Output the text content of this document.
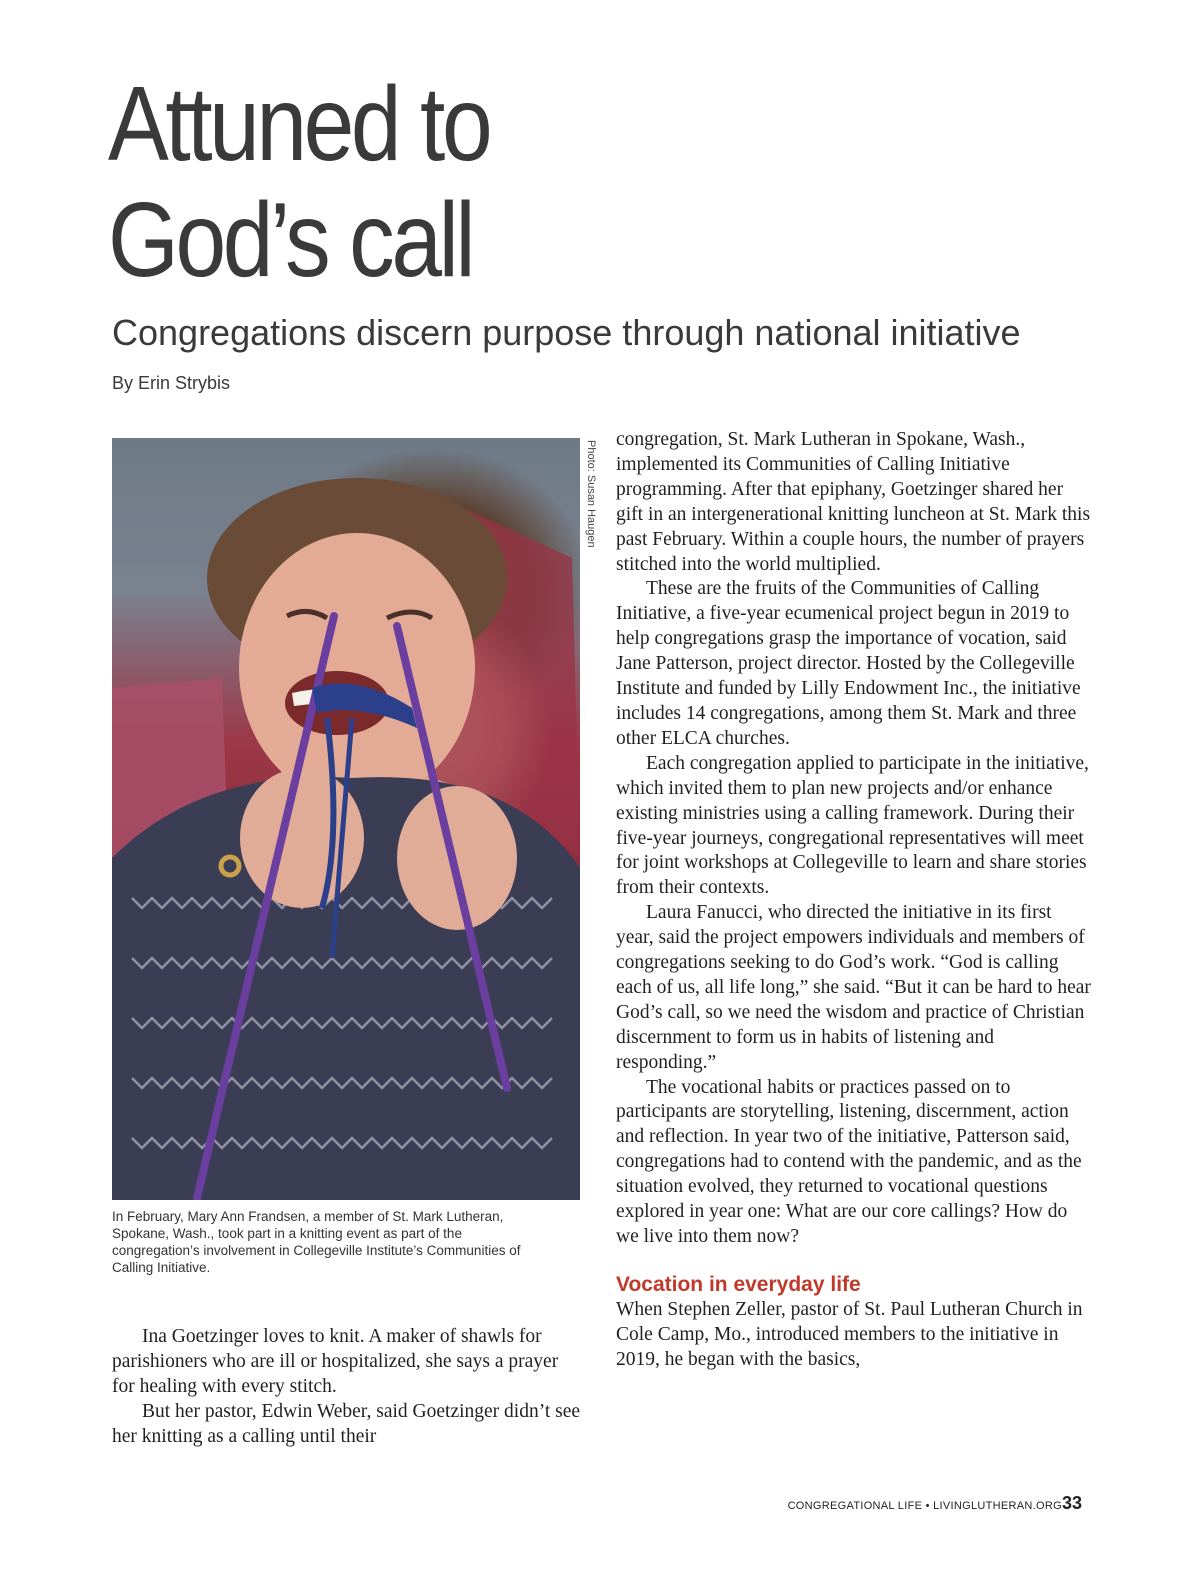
Attuned to
God’s call
Congregations discern purpose through national initiative
By Erin Strybis
Photo: Susan Haugen

In February, Mary Ann Frandsen, a member of St. Mark Lutheran, Spokane, Wash., took part in a knitting event as part of the congregation’s involvement in Collegeville Institute’s Communities of Calling Initiative.

Ina Goetzinger loves to knit. A maker of shawls for parishioners who are ill or hospitalized, she says a prayer for healing with every stitch.

But her pastor, Edwin Weber, said Goetzinger didn’t see her knitting as a calling until their

congregation, St. Mark Lutheran in Spokane, Wash., implemented its Communities of Calling Initiative programming. After that epiphany, Goetzinger shared her gift in an intergenerational knitting luncheon at St. Mark this past February. Within a couple hours, the number of prayers stitched into the world multiplied.

These are the fruits of the Communities of Calling Initiative, a five-year ecumenical project begun in 2019 to help congregations grasp the importance of vocation, said Jane Patterson, project director. Hosted by the Collegeville Institute and funded by Lilly Endowment Inc., the initiative includes 14 congregations, among them St. Mark and three other ELCA churches.

Each congregation applied to participate in the initiative, which invited them to plan new projects and/or enhance existing ministries using a calling framework. During their five-year journeys, congregational representatives will meet for joint workshops at Collegeville to learn and share stories from their contexts.

Laura Fanucci, who directed the initiative in its first year, said the project empowers individuals and members of congregations seeking to do God’s work. “God is calling each of us, all life long,” she said. “But it can be hard to hear God’s call, so we need the wisdom and practice of Christian discernment to form us in habits of listening and responding.”

The vocational habits or practices passed on to participants are storytelling, listening, discernment, action and reflection. In year two of the initiative, Patterson said, congregations had to contend with the pandemic, and as the situation evolved, they returned to vocational questions explored in year one: What are our core callings? How do we live into them now?

Vocation in everyday life

When Stephen Zeller, pastor of St. Paul Lutheran Church in Cole Camp, Mo., introduced members to the initiative in 2019, he began with the basics,

CONGREGATIONAL LIFE • LIVINGLUTHERAN.ORG33
